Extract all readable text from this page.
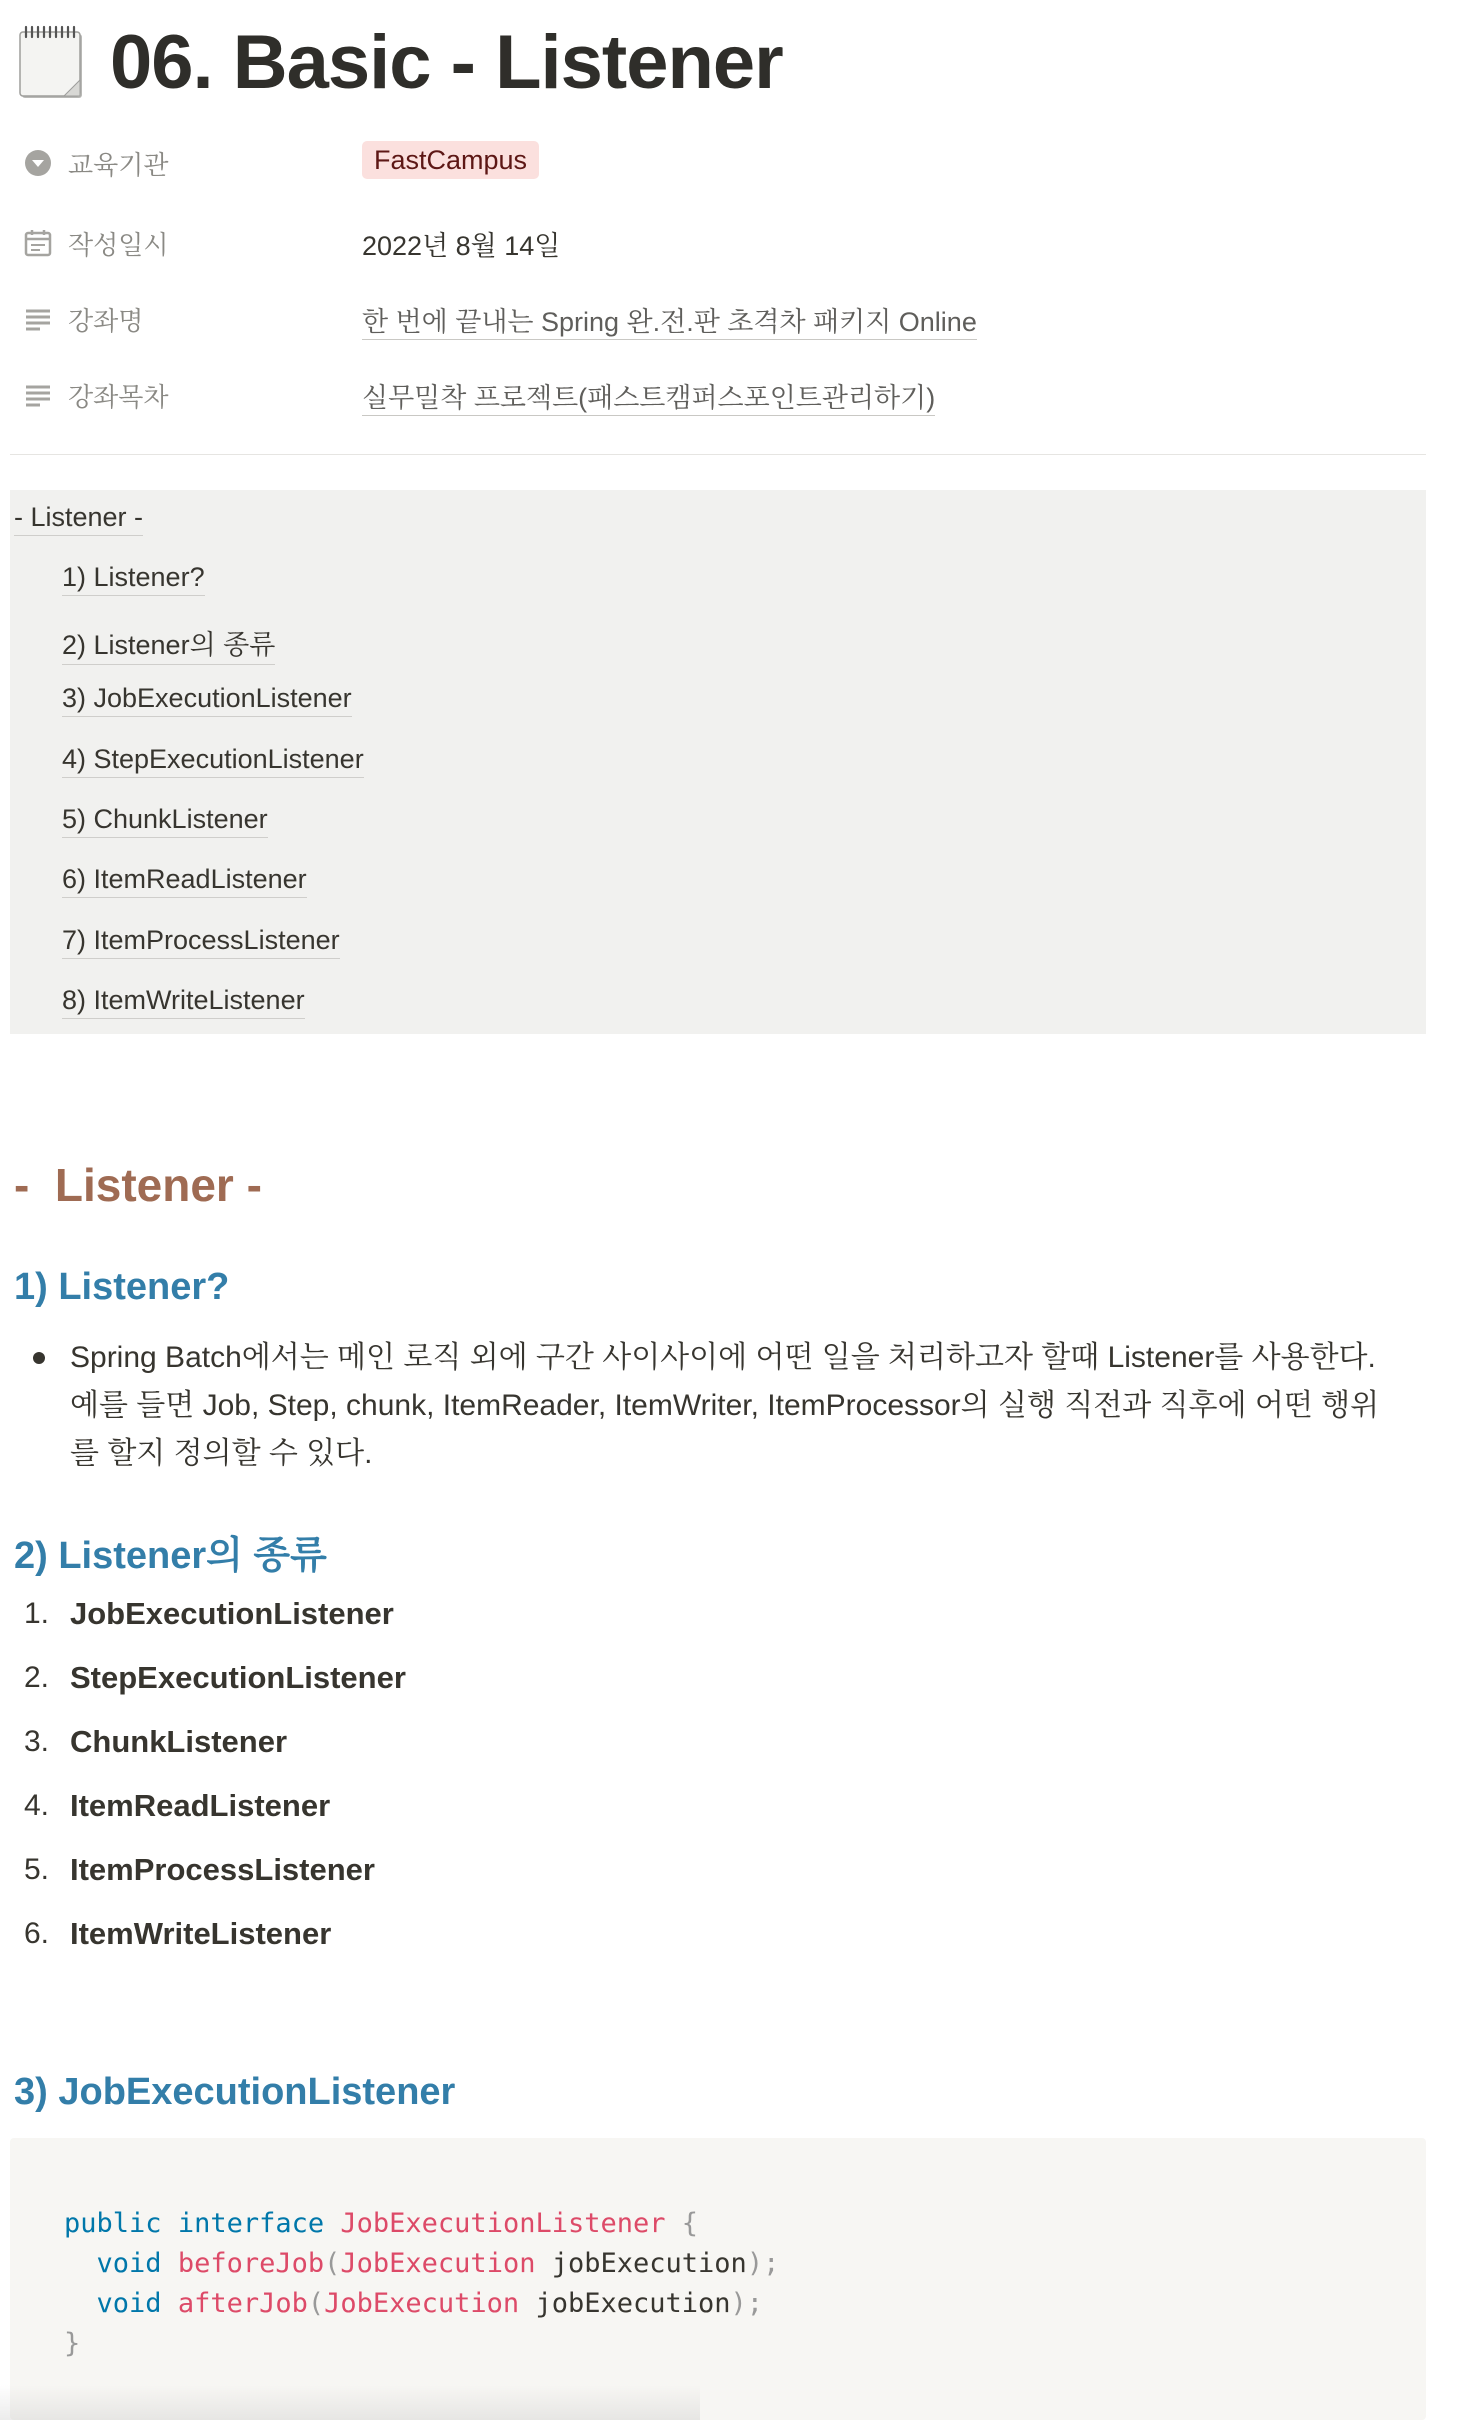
06. Basic - Listener
교육기관	FastCampus
작성일시	2022년 8월 14일
강좌명	한 번에 끝내는 Spring 완.전.판 초격차 패키지 Online
강좌목차	실무밀착 프로젝트(패스트캠퍼스포인트관리하기)
- Listener -
1) Listener?
2) Listener의 종류
3) JobExecutionListener
4) StepExecutionListener
5) ChunkListener
6) ItemReadListener
7) ItemProcessListener
8) ItemWriteListener
-  Listener -
1) Listener?
Spring Batch에서는 메인 로직 외에 구간 사이사이에 어떤 일을 처리하고자 할때 Listener를 사용한다.
예를 들면 Job, Step, chunk, ItemReader, ItemWriter, ItemProcessor의 실행 직전과 직후에 어떤 행위
를 할지 정의할 수 있다.
2) Listener의 종류
1. JobExecutionListener
2. StepExecutionListener
3. ChunkListener
4. ItemReadListener
5. ItemProcessListener
6. ItemWriteListener
3) JobExecutionListener
public interface JobExecutionListener {
void beforeJob(JobExecution jobExecution);
void afterJob(JobExecution jobExecution);
}
